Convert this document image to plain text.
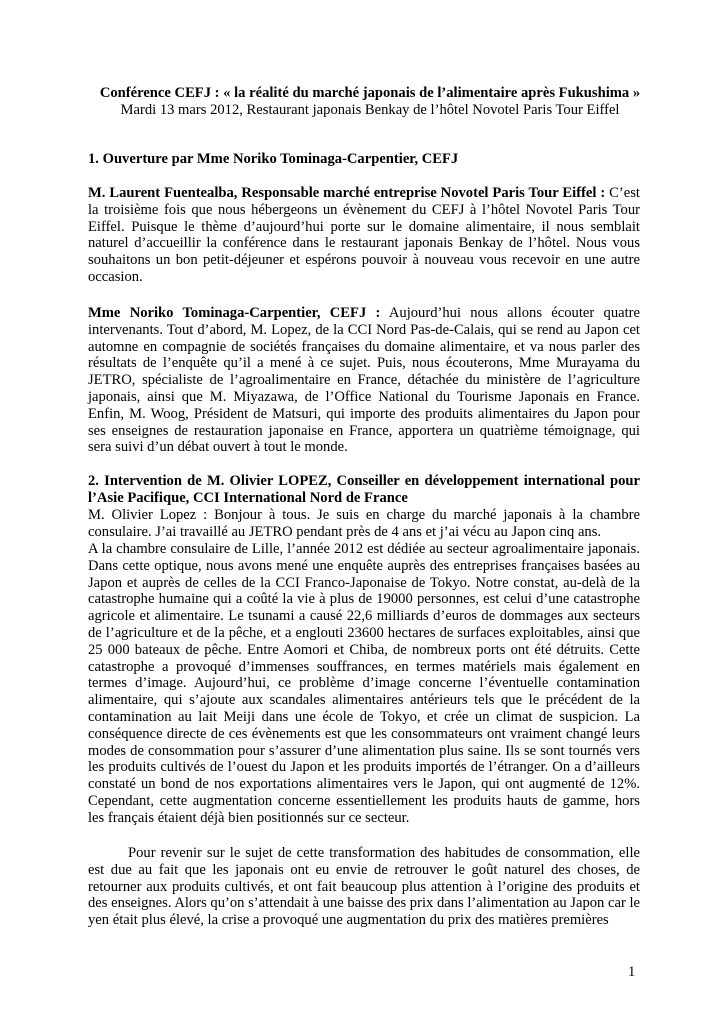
Conférence CEFJ : « la réalité du marché japonais de l’alimentaire après Fukushima »

Mardi 13 mars 2012, Restaurant japonais Benkay de l’hôtel Novotel Paris Tour Eiffel

1. Ouverture par Mme Noriko Tominaga-Carpentier, CEFJ

M. Laurent Fuentealba, Responsable marché entreprise Novotel Paris Tour Eiffel : C’est la troisième fois que nous hébergeons un évènement du CEFJ à l’hôtel Novotel Paris Tour Eiffel. Puisque le thème d’aujourd’hui porte sur le domaine alimentaire, il nous semblait naturel d’accueillir la conférence dans le restaurant japonais Benkay de l’hôtel. Nous vous souhaitons un bon petit-déjeuner et espérons pouvoir à nouveau vous recevoir en une autre occasion.

Mme Noriko Tominaga-Carpentier, CEFJ : Aujourd’hui nous allons écouter quatre intervenants. Tout d’abord, M. Lopez, de la CCI Nord Pas-de-Calais, qui se rend au Japon cet automne en compagnie de sociétés françaises du domaine alimentaire, et va nous parler des résultats de l’enquête qu’il a mené à ce sujet. Puis, nous écouterons, Mme Murayama du JETRO, spécialiste de l’agroalimentaire en France, détachée du ministère de l’agriculture japonais, ainsi que M. Miyazawa, de l’Office National du Tourisme Japonais en France. Enfin, M. Woog, Président de Matsuri, qui importe des produits alimentaires du Japon pour ses enseignes de restauration japonaise en France, apportera un quatrième témoignage, qui sera suivi d’un débat ouvert à tout le monde.

2. Intervention de M. Olivier LOPEZ, Conseiller en développement international pour l’Asie Pacifique, CCI International Nord de France

M. Olivier Lopez : Bonjour à tous. Je suis en charge du marché japonais à la chambre consulaire. J’ai travaillé au JETRO pendant près de 4 ans et j’ai vécu au Japon cinq ans.

A la chambre consulaire de Lille, l’année 2012 est dédiée au secteur agroalimentaire japonais. Dans cette optique, nous avons mené une enquête auprès des entreprises françaises basées au Japon et auprès de celles de la CCI Franco-Japonaise de Tokyo. Notre constat, au-delà de la catastrophe humaine qui a coûté la vie à plus de 19000 personnes, est celui d’une catastrophe agricole et alimentaire. Le tsunami a causé 22,6 milliards d’euros de dommages aux secteurs de l’agriculture et de la pêche, et a englouti 23600 hectares de surfaces exploitables, ainsi que 25 000 bateaux de pêche. Entre Aomori et Chiba, de nombreux ports ont été détruits. Cette catastrophe a provoqué d’immenses souffrances, en termes matériels mais également en termes d’image. Aujourd’hui, ce problème d’image concerne l’éventuelle contamination alimentaire, qui s’ajoute aux scandales alimentaires antérieurs tels que le précédent de la contamination au lait Meiji dans une école de Tokyo, et crée un climat de suspicion. La conséquence directe de ces évènements est que les consommateurs ont vraiment changé leurs modes de consommation pour s’assurer d’une alimentation plus saine. Ils se sont tournés vers les produits cultivés de l’ouest du Japon et les produits importés de l’étranger. On a d’ailleurs constaté un bond de nos exportations alimentaires vers le Japon, qui ont augmenté de 12%. Cependant, cette augmentation concerne essentiellement les produits hauts de gamme, hors les français étaient déjà bien positionnés sur ce secteur.

Pour revenir sur le sujet de cette transformation des habitudes de consommation, elle est due au fait que les japonais ont eu envie de retrouver le goût naturel des choses, de retourner aux produits cultivés, et ont fait beaucoup plus attention à l’origine des produits et des enseignes. Alors qu’on s’attendait à une baisse des prix dans l’alimentation au Japon car le yen était plus élevé, la crise a provoqué une augmentation du prix des matières premières

1
